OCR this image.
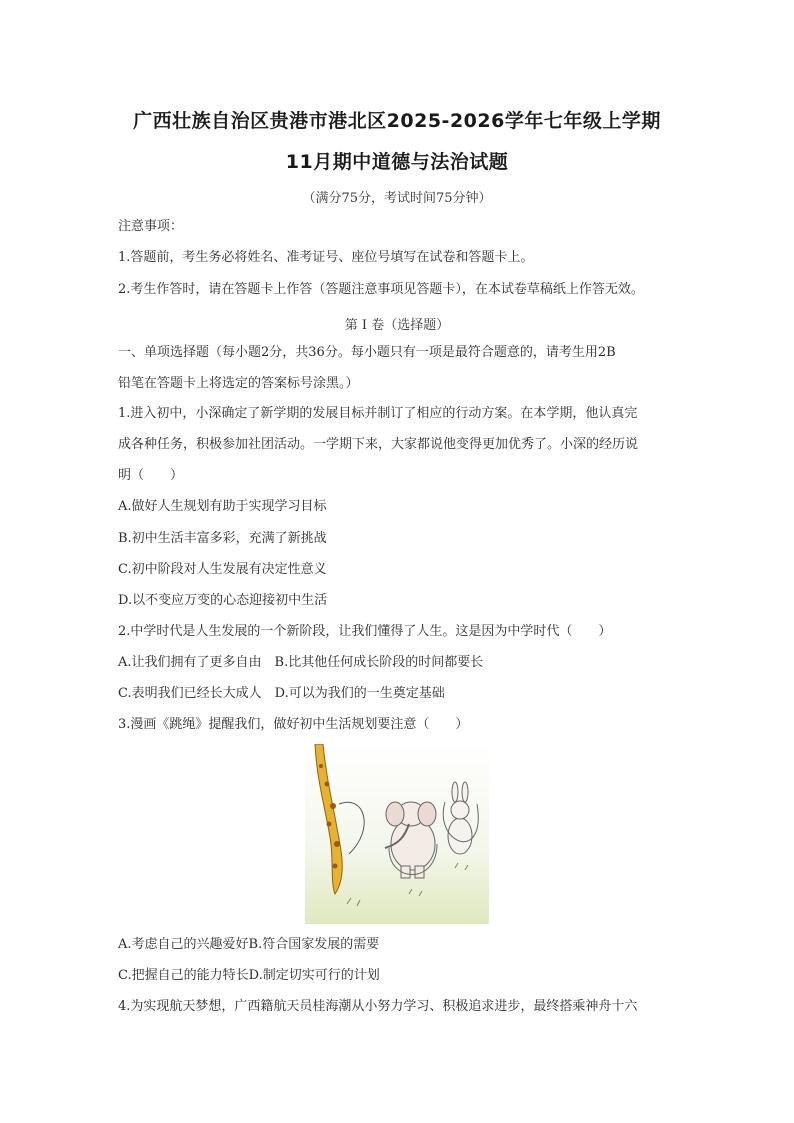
广西壮族自治区贵港市港北区2025-2026学年七年级上学期
11月期中道德与法治试题
（满分75分，考试时间75分钟）
注意事项：
1.答题前，考生务必将姓名、准考证号、座位号填写在试卷和答题卡上。
2.考生作答时，请在答题卡上作答（答题注意事项见答题卡），在本试卷草稿纸上作答无效。
第 I 卷（选择题）
一、单项选择题（每小题2分，共36分。每小题只有一项是最符合题意的，请考生用2B
铅笔在答题卡上将选定的答案标号涂黑。）
1.进入初中，小深确定了新学期的发展目标并制订了相应的行动方案。在本学期，他认真完
成各种任务，积极参加社团活动。一学期下来，大家都说他变得更加优秀了。小深的经历说
明（　　）
A.做好人生规划有助于实现学习目标
B.初中生活丰富多彩，充满了新挑战
C.初中阶段对人生发展有决定性意义
D.以不变应万变的心态迎接初中生活
2.中学时代是人生发展的一个新阶段，让我们懂得了人生。这是因为中学时代（　　）
A.让我们拥有了更多自由　B.比其他任何成长阶段的时间都要长
C.表明我们已经长大成人　D.可以为我们的一生奠定基础
3.漫画《跳绳》提醒我们，做好初中生活规划要注意（　　）
A.考虑自己的兴趣爱好B.符合国家发展的需要
C.把握自己的能力特长D.制定切实可行的计划
4.为实现航天梦想，广西籍航天员桂海潮从小努力学习、积极追求进步，最终搭乘神舟十六
